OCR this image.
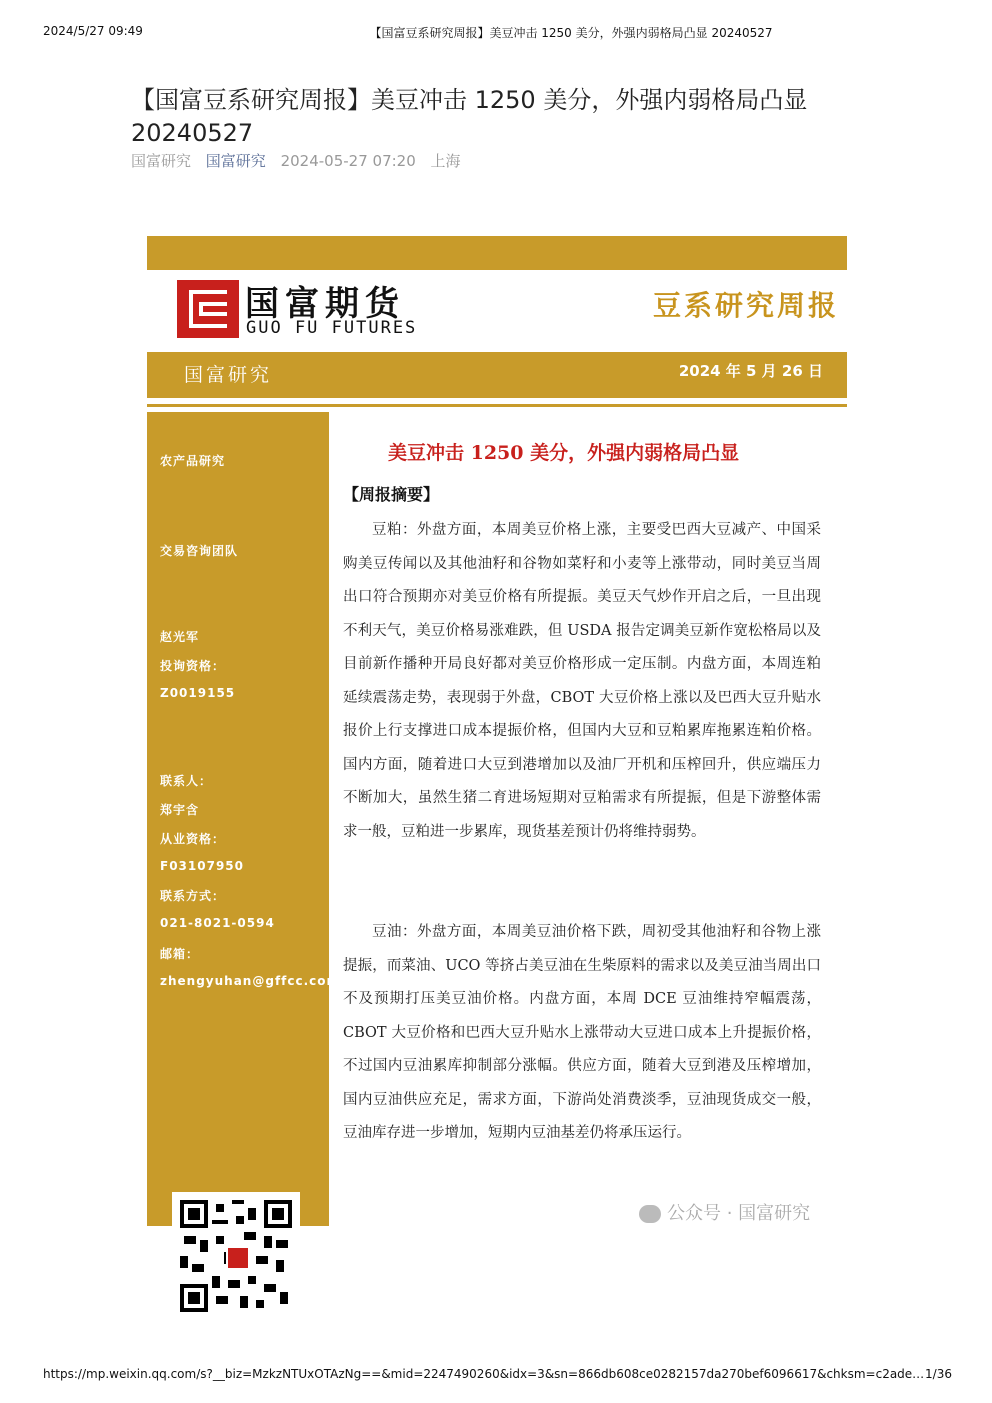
2024/5/27 09:49	【国富豆系研究周报】美豆冲击 1250 美分，外强内弱格局凸显 20240527
【国富豆系研究周报】美豆冲击 1250 美分，外强内弱格局凸显 20240527
国富研究 国富研究 2024-05-27 07:20 上海
国富期货
GUO FU FUTURES
豆系研究周报
国富研究	2024 年 5 月 26 日
农产品研究
交易咨询团队
赵光军
投询资格：
Z0019155
联系人：
郑宇含
从业资格：
F03107950
联系方式：
021-8021-0594
邮箱：
zhengyuhan@gffcc.com
美豆冲击 1250 美分，外强内弱格局凸显
【周报摘要】
豆粕：外盘方面，本周美豆价格上涨，主要受巴西大豆减产、中国采购美豆传闻以及其他油籽和谷物如菜籽和小麦等上涨带动，同时美豆当周出口符合预期亦对美豆价格有所提振。美豆天气炒作开启之后，一旦出现不利天气，美豆价格易涨难跌，但 USDA 报告定调美豆新作宽松格局以及目前新作播种开局良好都对美豆价格形成一定压制。内盘方面，本周连粕延续震荡走势，表现弱于外盘，CBOT 大豆价格上涨以及巴西大豆升贴水报价上行支撑进口成本提振价格，但国内大豆和豆粕累库拖累连粕价格。国内方面，随着进口大豆到港增加以及油厂开机和压榨回升，供应端压力不断加大，虽然生猪二育进场短期对豆粕需求有所提振，但是下游整体需求一般，豆粕进一步累库，现货基差预计仍将维持弱势。
豆油：外盘方面，本周美豆油价格下跌，周初受其他油籽和谷物上涨提振，而菜油、UCO 等挤占美豆油在生柴原料的需求以及美豆油当周出口不及预期打压美豆油价格。内盘方面，本周 DCE 豆油维持窄幅震荡，CBOT 大豆价格和巴西大豆升贴水上涨带动大豆进口成本上升提振价格，不过国内豆油累库抑制部分涨幅。供应方面，随着大豆到港及压榨增加，国内豆油供应充足，需求方面，下游尚处消费淡季，豆油现货成交一般，豆油库存进一步增加，短期内豆油基差仍将承压运行。
公众号 · 国富研究
https://mp.weixin.qq.com/s?__biz=MzkzNTUxOTAzNg==&mid=2247490260&idx=3&sn=866db608ce0282157da270bef6096617&chksm=c2ade… 1/36
